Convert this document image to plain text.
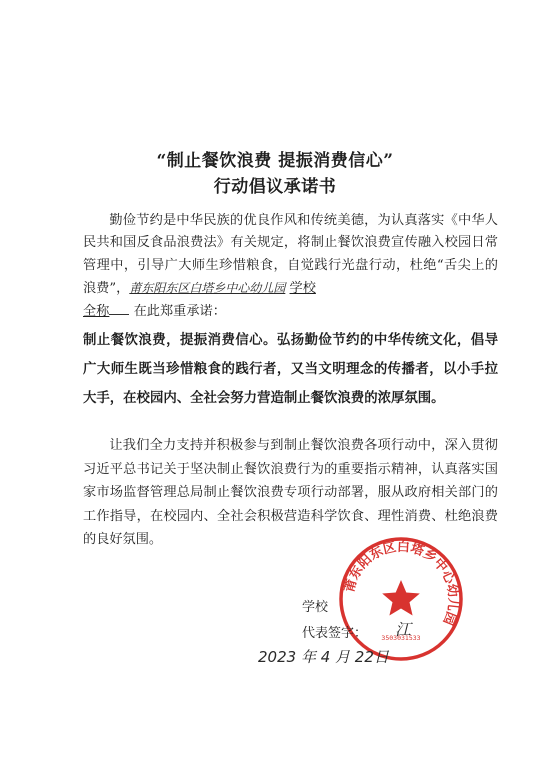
“制止餐饮浪费 提振消费信心”
行动倡议承诺书

勤俭节约是中华民族的优良作风和传统美德，为认真落实《中华人民共和国反食品浪费法》有关规定，将制止餐饮浪费宣传融入校园日常管理中，引导广大师生珍惜粮食，自觉践行光盘行动，杜绝“舌尖上的浪费”，莆东阳东区白塔乡中心幼儿园 学校
全称 在此郑重承诺：

制止餐饮浪费，提振消费信心。弘扬勤俭节约的中华传统文化，倡导广大师生既当珍惜粮食的践行者，又当文明理念的传播者，以小手拉大手，在校园内、全社会努力营造制止餐饮浪费的浓厚氛围。

让我们全力支持并积极参与到制止餐饮浪费各项行动中，深入贯彻习近平总书记关于坚决制止餐饮浪费行为的重要指示精神，认真落实国家市场监督管理总局制止餐饮浪费专项行动部署，服从政府相关部门的工作指导，在校园内、全社会积极营造科学饮食、理性消费、杜绝浪费的良好氛围。

莆东阳东区白塔乡中心幼儿园
3503031533
学校
代表签字： 江
2023 年 4 月 22日
